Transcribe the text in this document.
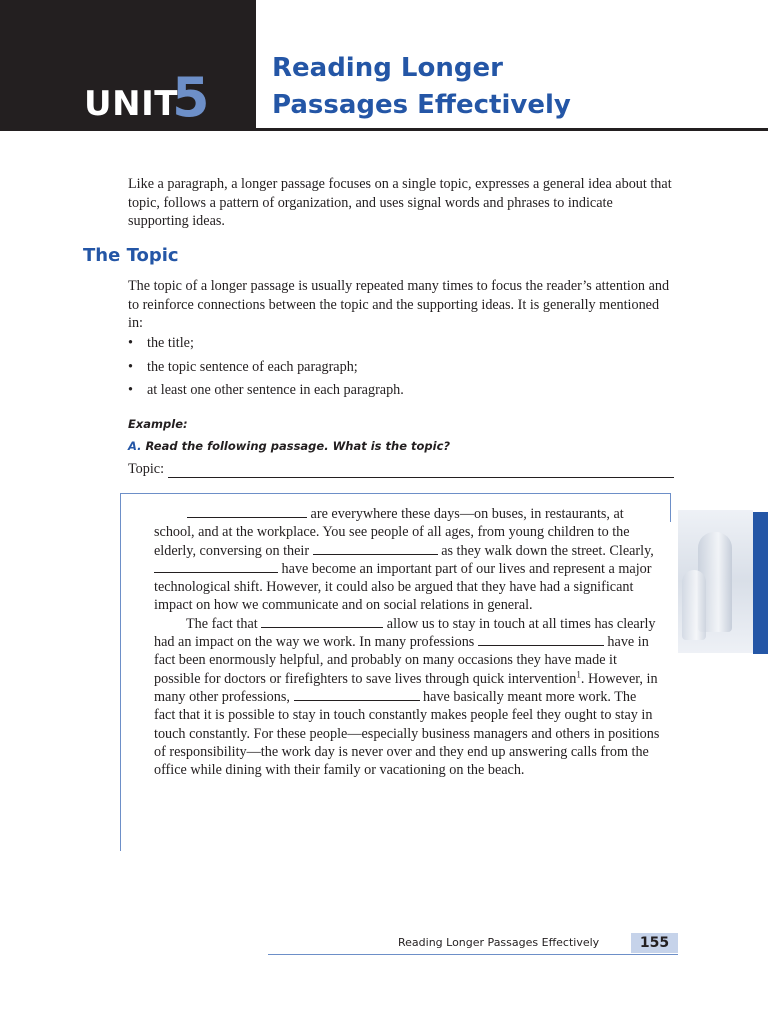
UNIT
5 Reading Longer
Passages Effectively

Like a paragraph, a longer passage focuses on a single topic, expresses a general idea about that topic, follows a pattern of organization, and uses signal words and phrases to indicate supporting ideas.

The Topic

The topic of a longer passage is usually repeated many times to focus the reader’s attention and to reinforce connections between the topic and the supporting ideas. It is generally mentioned in:

• the title;
• the topic sentence of each paragraph;
• at least one other sentence in each paragraph.
Example:
A. Read the following passage. What is the topic?
Topic:

are everywhere these days—on buses, in restaurants, at school, and at the workplace. You see people of all ages, from young children to the elderly, conversing on their	as they walk down the street. Clearly,  have become an important part of our lives and represent a major technological shift. However, it could also be argued that they have had a significant impact on how we communicate and on social relations in general.

The fact that	allow us to stay in touch at all times has clearly had an impact on the way we work. In many professions	have in fact been enormously helpful, and probably on many occasions they have made it possible for doctors or firefighters to save lives through quick intervention$^1$. However, in many other professions,	have basically meant more work. The fact that it is possible to stay in touch constantly makes people feel they ought to stay in touch constantly. For these people—especially business managers and others in positions of responsibility—the work day is never over and they end up answering calls from the office while dining with their family or vacationing on the beach.

Reading Longer Passages Effectively	155
